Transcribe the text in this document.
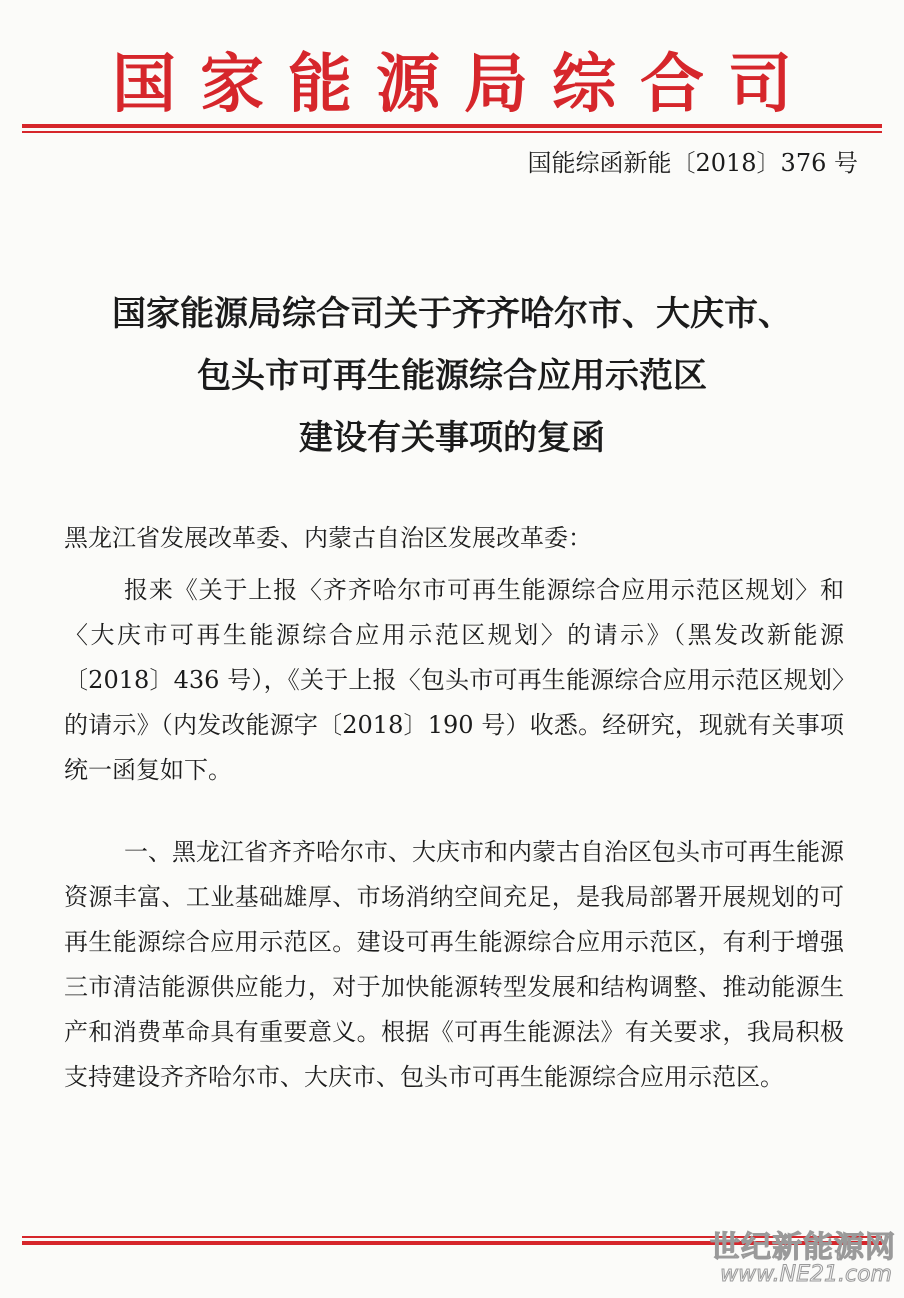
国家能源局综合司
国能综函新能〔2018〕376 号
国家能源局综合司关于齐齐哈尔市、大庆市、
包头市可再生能源综合应用示范区
建设有关事项的复函
黑龙江省发展改革委、内蒙古自治区发展改革委：

报来《关于上报〈齐齐哈尔市可再生能源综合应用示范区规划〉和〈大庆市可再生能源综合应用示范区规划〉的请示》（黑发改新能源〔2018〕436 号），《关于上报〈包头市可再生能源综合应用示范区规划〉的请示》（内发改能源字〔2018〕190 号）收悉。经研究，现就有关事项统一函复如下。

一、黑龙江省齐齐哈尔市、大庆市和内蒙古自治区包头市可再生能源资源丰富、工业基础雄厚、市场消纳空间充足，是我局部署开展规划的可再生能源综合应用示范区。建设可再生能源综合应用示范区，有利于增强三市清洁能源供应能力，对于加快能源转型发展和结构调整、推动能源生产和消费革命具有重要意义。根据《可再生能源法》有关要求，我局积极支持建设齐齐哈尔市、大庆市、包头市可再生能源综合应用示范区。

世纪新能源网
www.NE21.com
